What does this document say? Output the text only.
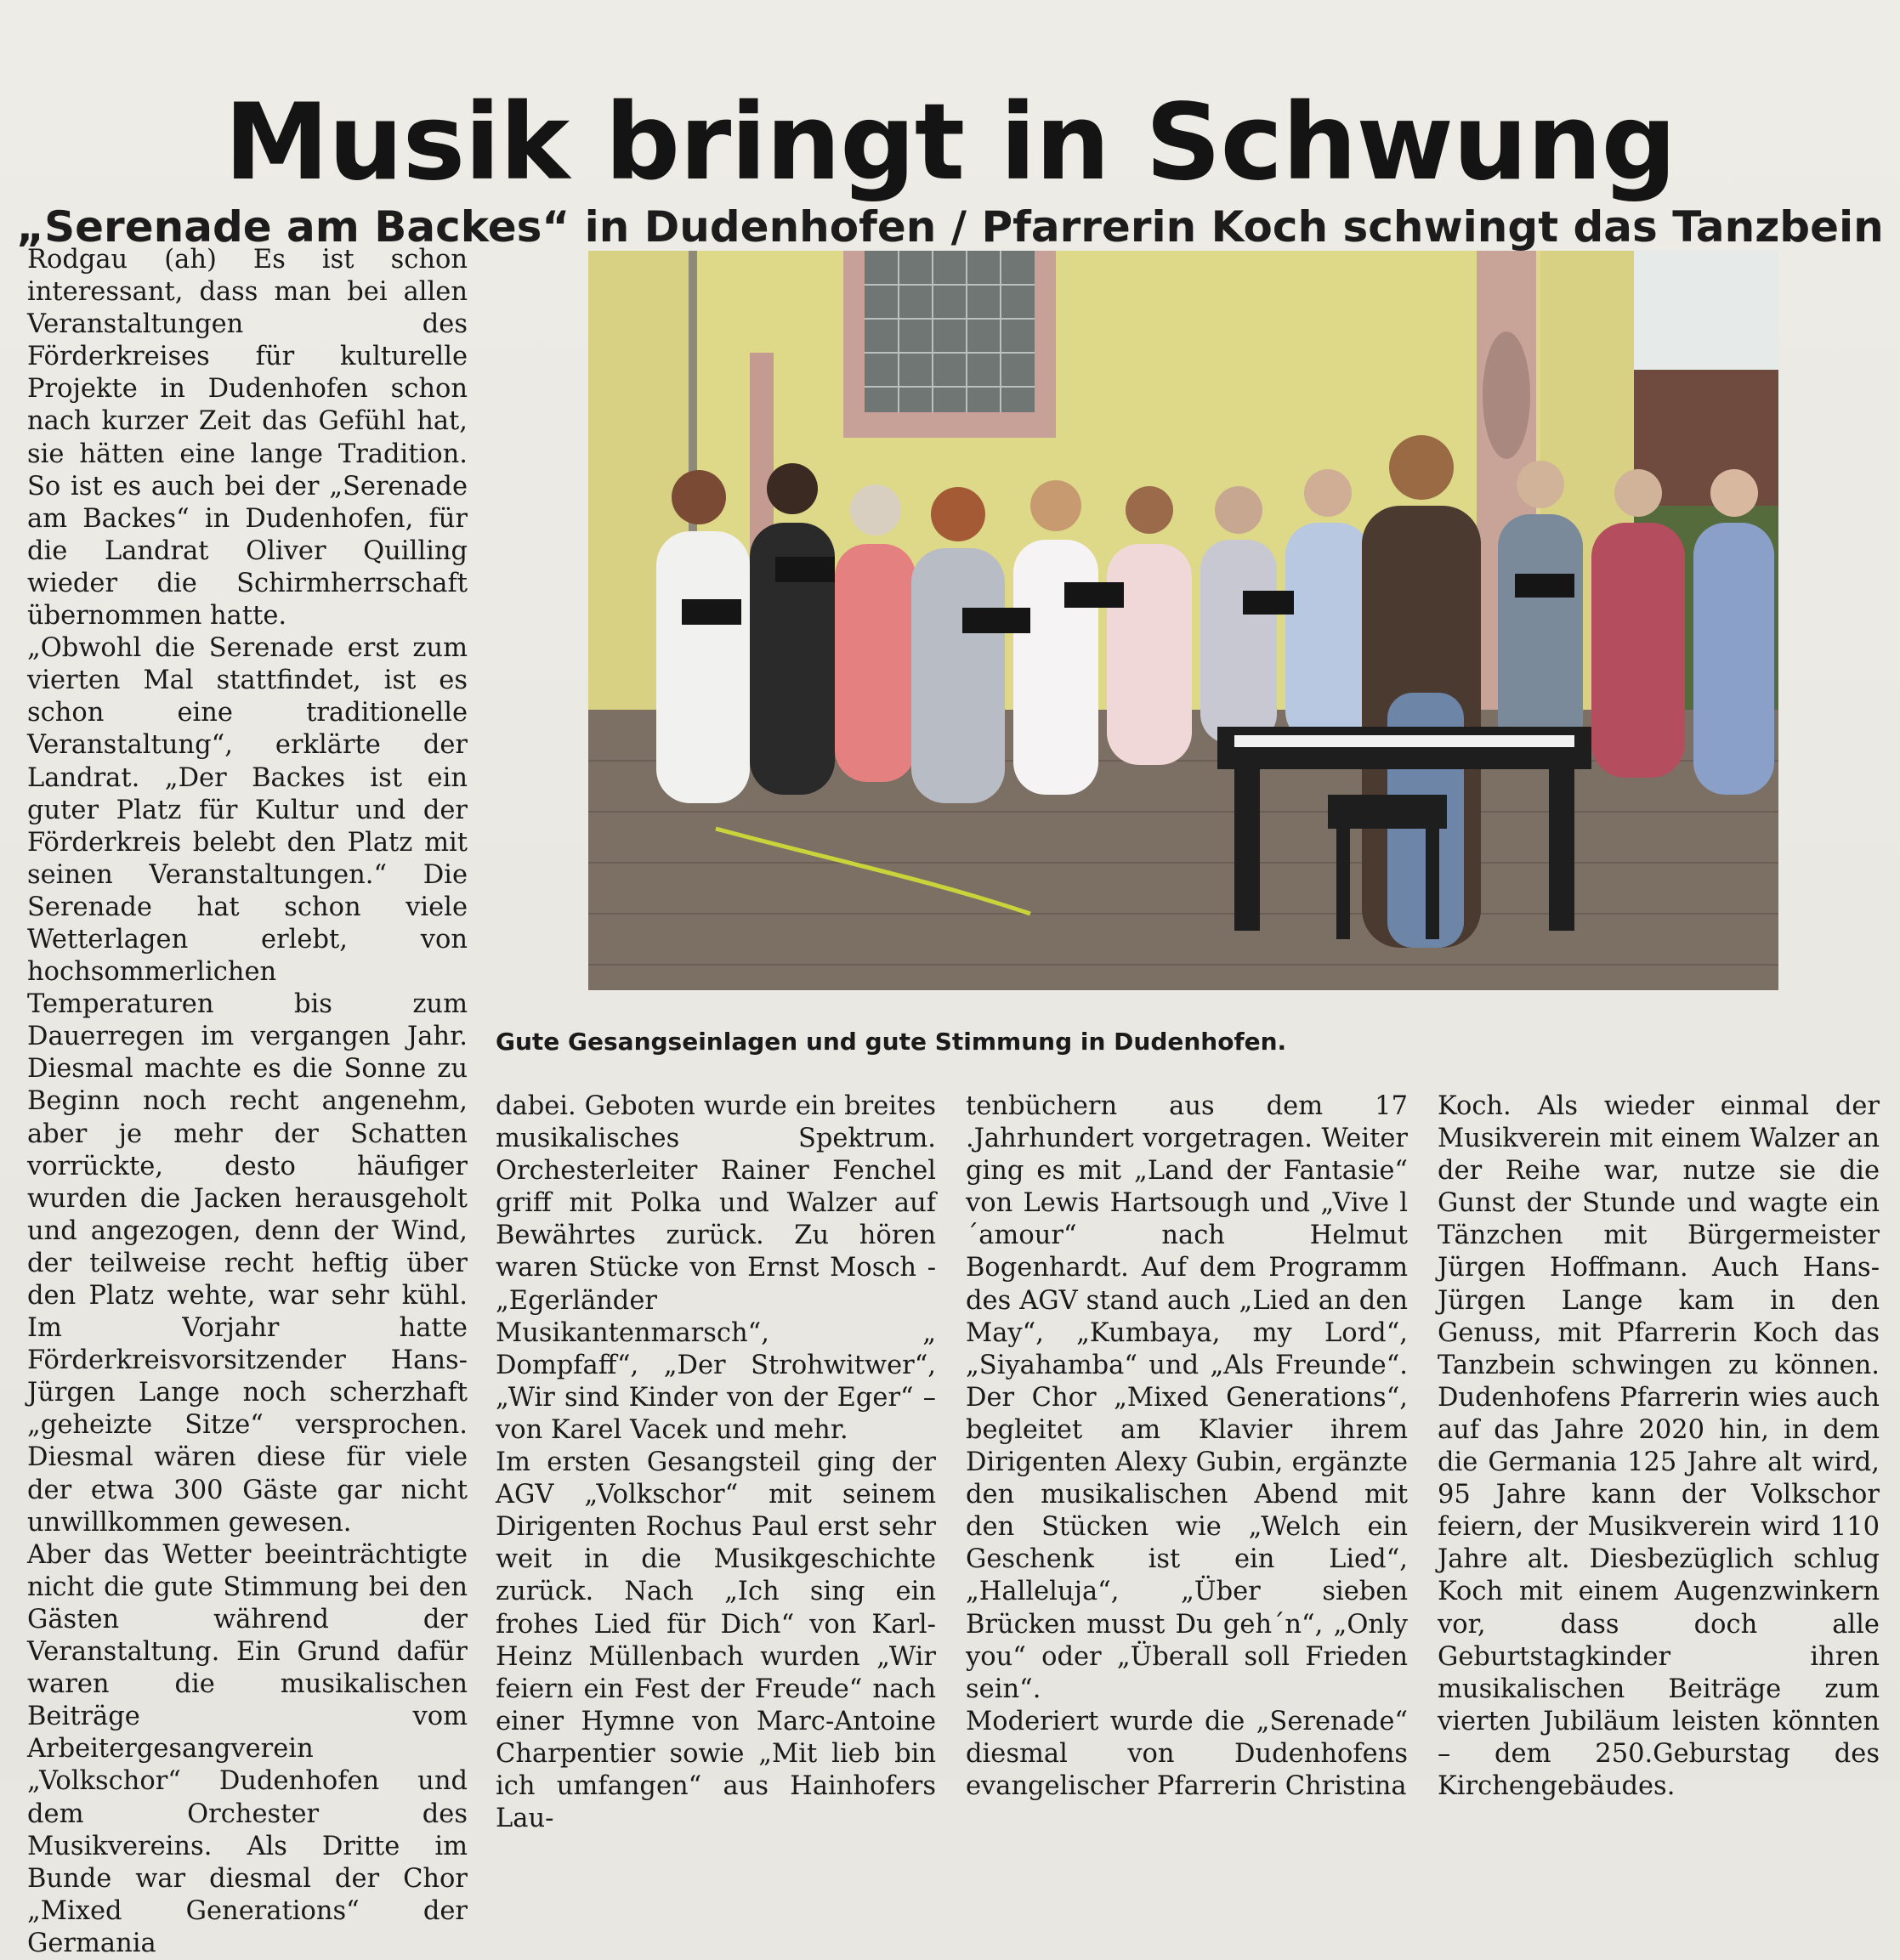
Musik bringt in Schwung
„Serenade am Backes“ in Dudenhofen / Pfarrerin Koch schwingt das Tanzbein

Rodgau (ah) Es ist schon interessant, dass man bei allen Veranstaltungen des Förderkreises für kulturelle Projekte in Dudenhofen schon nach kurzer Zeit das Gefühl hat, sie hätten eine lange Tradition. So ist es auch bei der „Serenade am Backes“ in Dudenhofen, für die Landrat Oliver Quilling wieder die Schirmherrschaft übernommen hatte.

„Obwohl die Serenade erst zum vierten Mal stattfindet, ist es schon eine traditionelle Veranstaltung“, erklärte der Landrat. „Der Backes ist ein guter Platz für Kultur und der Förderkreis belebt den Platz mit seinen Veranstaltungen.“ Die Serenade hat schon viele Wetterlagen erlebt, von hochsommerlichen Temperaturen bis zum Dauerregen im vergangen Jahr. Diesmal machte es die Sonne zu Beginn noch recht angenehm, aber je mehr der Schatten vorrückte, desto häufiger wurden die Jacken herausgeholt und angezogen, denn der Wind, der teilweise recht heftig über den Platz wehte, war sehr kühl. Im Vorjahr hatte Förderkreisvorsitzender Hans-Jürgen Lange noch scherzhaft „geheizte Sitze“ versprochen. Diesmal wären diese für viele der etwa 300 Gäste gar nicht unwillkommen gewesen.

Aber das Wetter beeinträchtigte nicht die gute Stimmung bei den Gästen während der Veranstaltung. Ein Grund dafür waren die musikalischen Beiträge vom Arbeitergesangverein „Volkschor“ Dudenhofen und dem Orchester des Musikvereins. Als Dritte im Bunde war diesmal der Chor „Mixed Generations“ der Germania

Gute Gesangseinlagen und gute Stimmung in Dudenhofen.

dabei. Geboten wurde ein breites musikalisches Spektrum. Orchesterleiter Rainer Fenchel griff mit Polka und Walzer auf Bewährtes zurück. Zu hören waren Stücke von Ernst Mosch - „Egerländer Musikantenmarsch“, „ Dompfaff“, „Der Strohwitwer“, „Wir sind Kinder von der Eger“ – von Karel Vacek und mehr.

Im ersten Gesangsteil ging der AGV „Volkschor“ mit seinem Dirigenten Rochus Paul erst sehr weit in die Musikgeschichte zurück. Nach „Ich sing ein frohes Lied für Dich“ von Karl-Heinz Müllenbach wurden „Wir feiern ein Fest der Freude“ nach einer Hymne von Marc-Antoine Charpentier sowie „Mit lieb bin ich umfangen“ aus Hainhofers Lau-

tenbüchern aus dem 17 .Jahrhundert vorgetragen. Weiter ging es mit „Land der Fantasie“ von Lewis Hartsough und „Vive l´amour“ nach Helmut Bogenhardt. Auf dem Programm des AGV stand auch „Lied an den May“, „Kumbaya, my Lord“, „Siyahamba“ und „Als Freunde“. Der Chor „Mixed Generations“, begleitet am Klavier ihrem Dirigenten Alexy Gubin, ergänzte den musikalischen Abend mit den Stücken wie „Welch ein Geschenk ist ein Lied“, „Halleluja“, „Über sieben Brücken musst Du geh´n“, „Only you“ oder „Überall soll Frieden sein“.

Moderiert wurde die „Serenade“ diesmal von Dudenhofens evangelischer Pfarrerin Christina

Koch. Als wieder einmal der Musikverein mit einem Walzer an der Reihe war, nutze sie die Gunst der Stunde und wagte ein Tänzchen mit Bürgermeister Jürgen Hoffmann. Auch Hans-Jürgen Lange kam in den Genuss, mit Pfarrerin Koch das Tanzbein schwingen zu können. Dudenhofens Pfarrerin wies auch auf das Jahre 2020 hin, in dem die Germania 125 Jahre alt wird, 95 Jahre kann der Volkschor feiern, der Musikverein wird 110 Jahre alt. Diesbezüglich schlug Koch mit einem Augenzwinkern vor, dass doch alle Geburtstagkinder ihren musikalischen Beiträge zum vierten Jubiläum leisten könnten – dem 250.Geburstag des Kirchengebäudes.
